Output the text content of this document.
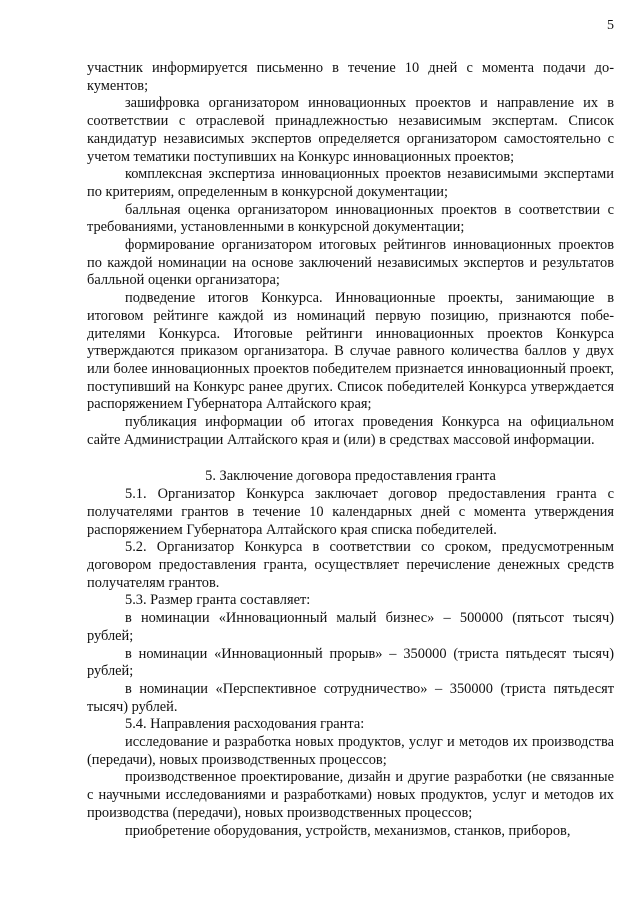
5

участник информируется письменно в течение 10 дней с момента подачи документов;

зашифровка организатором инновационных проектов и направление их в соответствии с отраслевой принадлежностью независимым экспертам. Список кандидатур независимых экспертов определяется организатором самостоятельно с учетом тематики поступивших на Конкурс инновационных проектов;

комплексная экспертиза инновационных проектов независимыми экспертами по критериям, определенным в конкурсной документации;

балльная оценка организатором инновационных проектов в соответствии с требованиями, установленными в конкурсной документации;

формирование организатором итоговых рейтингов инновационных проектов по каждой номинации на основе заключений независимых экспертов и результатов балльной оценки организатора;

подведение итогов Конкурса. Инновационные проекты, занимающие в итоговом рейтинге каждой из номинаций первую позицию, признаются победителями Конкурса. Итоговые рейтинги инновационных проектов Конкурса утверждаются приказом организатора. В случае равного количества баллов у двух или более инновационных проектов победителем признается инновационный проект, поступивший на Конкурс ранее других. Список победителей Конкурса утверждается распоряжением Губернатора Алтайского края;

публикация информации об итогах проведения Конкурса на официальном сайте Администрации Алтайского края и (или) в средствах массовой информации.

5. Заключение договора предоставления гранта

5.1. Организатор Конкурса заключает договор предоставления гранта с получателями грантов в течение 10 календарных дней с момента утверждения распоряжением Губернатора Алтайского края списка победителей.

5.2. Организатор Конкурса в соответствии со сроком, предусмотренным договором предоставления гранта, осуществляет перечисление денежных средств получателям грантов.

5.3. Размер гранта составляет:

в номинации «Инновационный малый бизнес» – 500000 (пятьсот тысяч) рублей;

в номинации «Инновационный прорыв» – 350000 (триста пятьдесят тысяч) рублей;

в номинации «Перспективное сотрудничество» – 350000 (триста пятьдесят тысяч) рублей.

5.4. Направления расходования гранта:

исследование и разработка новых продуктов, услуг и методов их производства (передачи), новых производственных процессов;

производственное проектирование, дизайн и другие разработки (не связанные с научными исследованиями и разработками) новых продуктов, услуг и методов их производства (передачи), новых производственных процессов;

приобретение оборудования, устройств, механизмов, станков, приборов,
